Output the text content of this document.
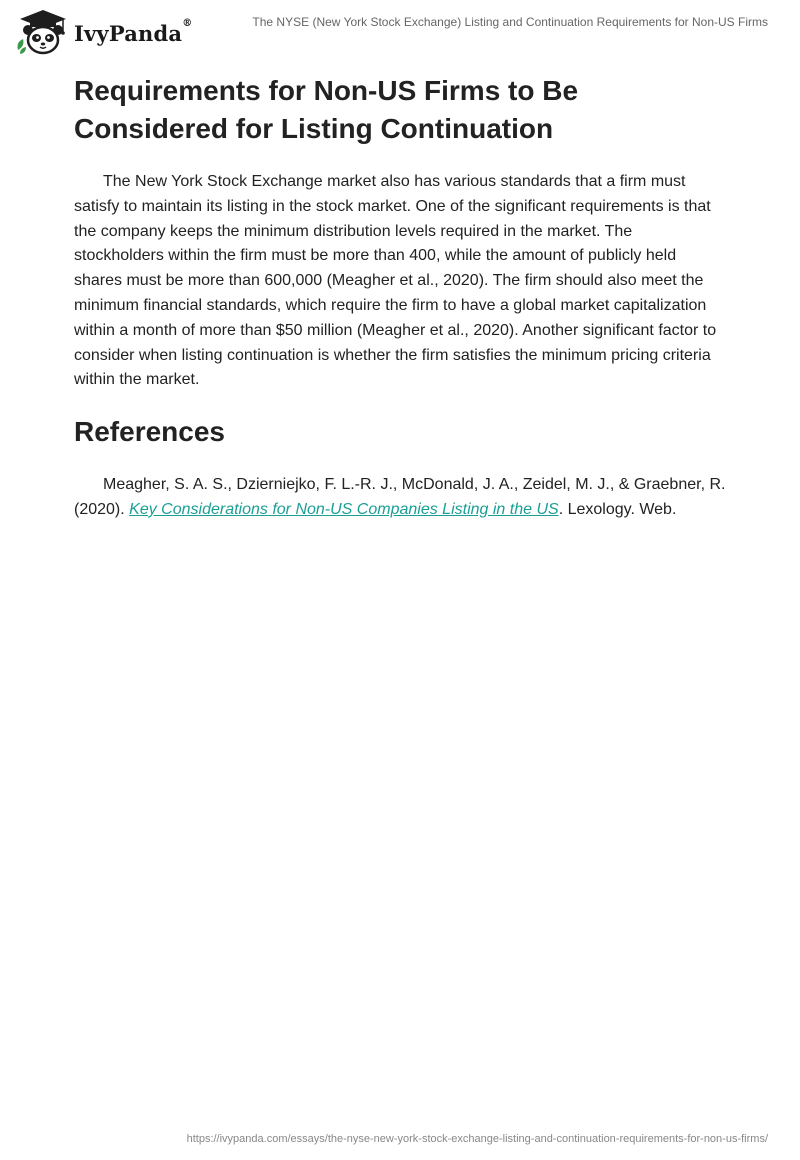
IvyPanda®	The NYSE (New York Stock Exchange) Listing and Continuation Requirements for Non-US Firms
Requirements for Non-US Firms to Be Considered for Listing Continuation

The New York Stock Exchange market also has various standards that a firm must satisfy to maintain its listing in the stock market. One of the significant requirements is that the company keeps the minimum distribution levels required in the market. The stockholders within the firm must be more than 400, while the amount of publicly held shares must be more than 600,000 (Meagher et al., 2020). The firm should also meet the minimum financial standards, which require the firm to have a global market capitalization within a month of more than $50 million (Meagher et al., 2020). Another significant factor to consider when listing continuation is whether the firm satisfies the minimum pricing criteria within the market.

References

Meagher, S. A. S., Dzierniejko, F. L.-R. J., McDonald, J. A., Zeidel, M. J., & Graebner, R. (2020). Key Considerations for Non-US Companies Listing in the US. Lexology. Web.

https://ivypanda.com/essays/the-nyse-new-york-stock-exchange-listing-and-continuation-requirements-for-non-us-firms/
